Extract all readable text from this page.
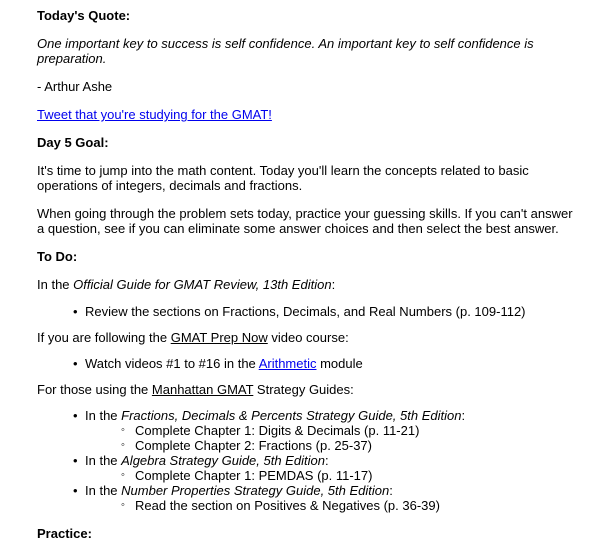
Today's Quote:

One important key to success is self confidence. An important key to self confidence is preparation.

- Arthur Ashe

Tweet that you're studying for the GMAT!

Day 5 Goal:

It's time to jump into the math content. Today you'll learn the concepts related to basic operations of integers, decimals and fractions.

When going through the problem sets today, practice your guessing skills. If you can't answer a question, see if you can eliminate some answer choices and then select the best answer.

To Do:

In the Official Guide for GMAT Review, 13th Edition:

• Review the sections on Fractions, Decimals, and Real Numbers (p. 109-112)

If you are following the GMAT Prep Now video course:

• Watch videos #1 to #16 in the Arithmetic module

For those using the Manhattan GMAT Strategy Guides:

• In the Fractions, Decimals & Percents Strategy Guide, 5th Edition:
◦ Complete Chapter 1: Digits & Decimals (p. 11-21)
◦ Complete Chapter 2: Fractions (p. 25-37)
• In the Algebra Strategy Guide, 5th Edition:
◦ Complete Chapter 1: PEMDAS (p. 11-17)
• In the Number Properties Strategy Guide, 5th Edition:
◦ Read the section on Positives & Negatives (p. 36-39)

Practice:
